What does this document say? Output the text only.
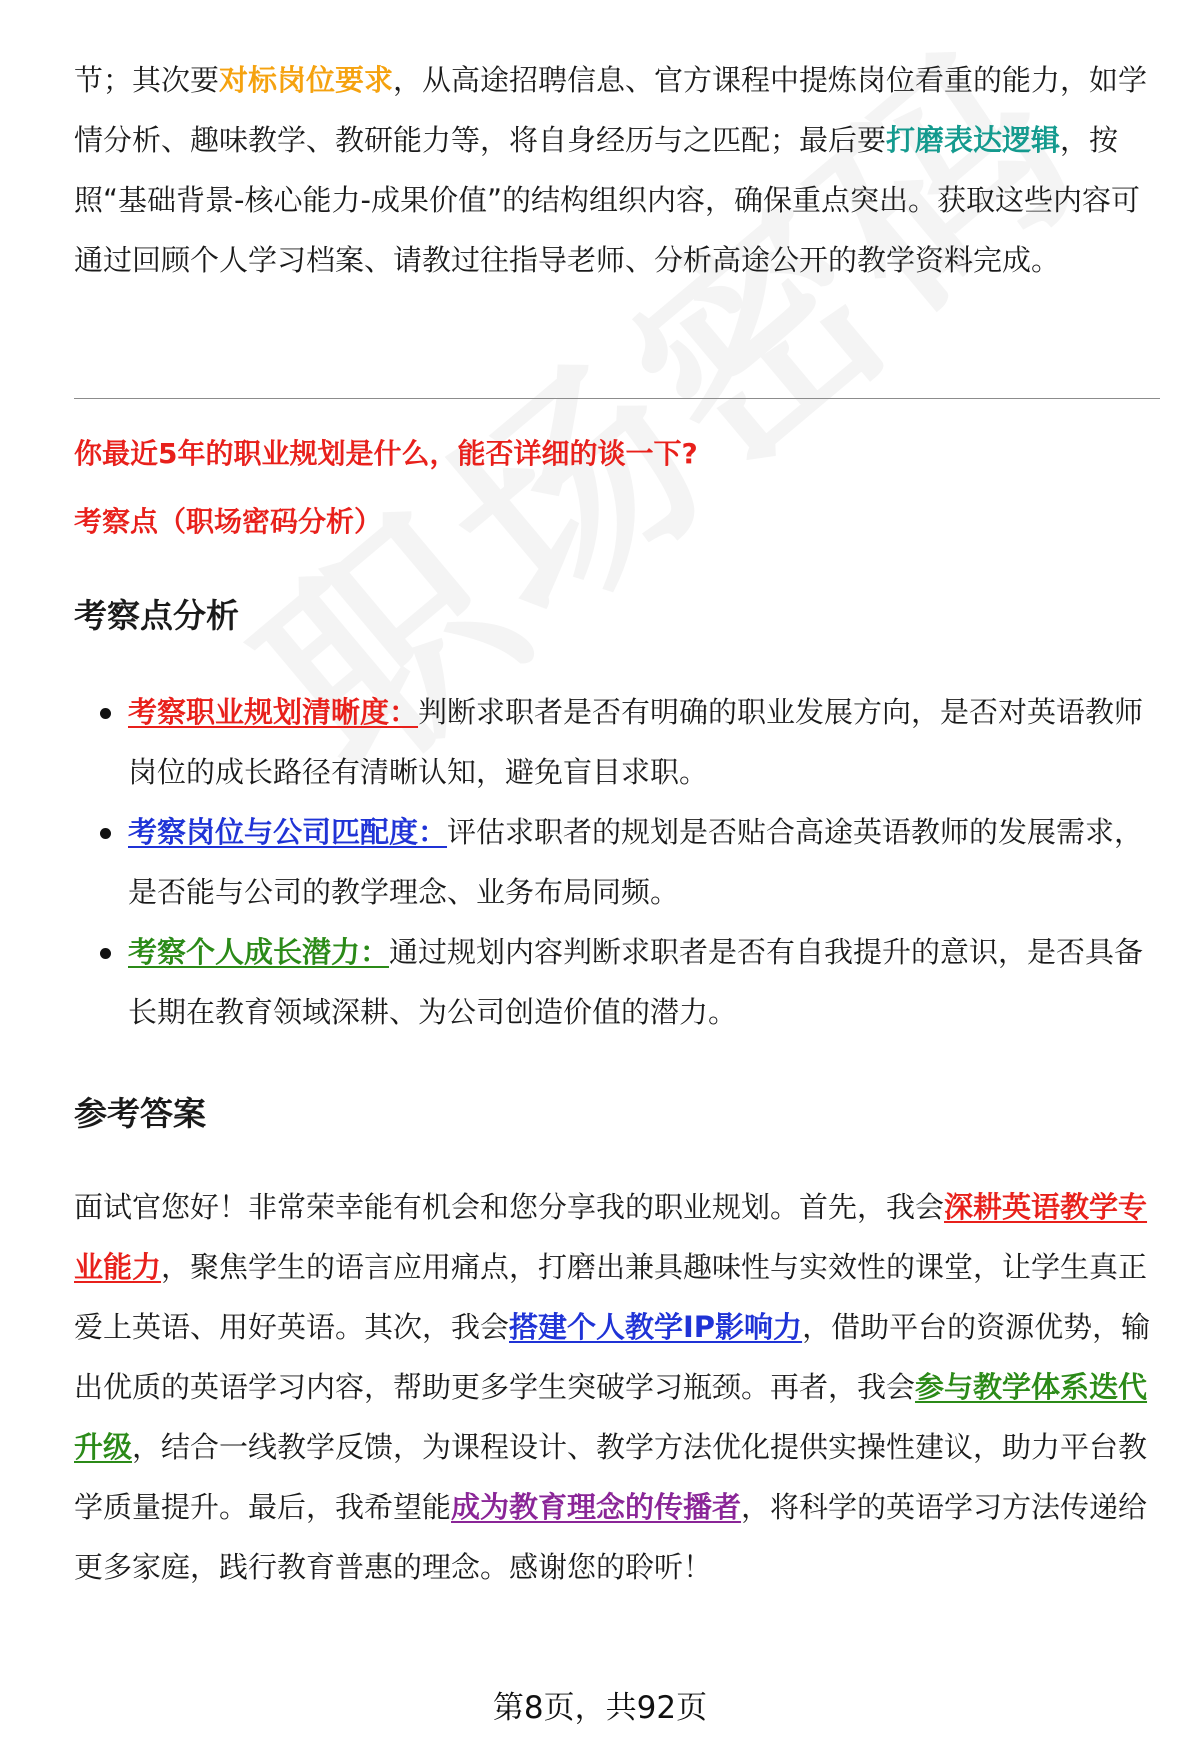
节；其次要对标岗位要求，从高途招聘信息、官方课程中提炼岗位看重的能力，如学情分析、趣味教学、教研能力等，将自身经历与之匹配；最后要打磨表达逻辑，按照“基础背景-核心能力-成果价值”的结构组织内容，确保重点突出。获取这些内容可通过回顾个人学习档案、请教过往指导老师、分析高途公开的教学资料完成。

你最近5年的职业规划是什么，能否详细的谈一下?
考察点（职场密码分析）
考察点分析
考察职业规划清晰度：判断求职者是否有明确的职业发展方向，是否对英语教师岗位的成长路径有清晰认知，避免盲目求职。
考察岗位与公司匹配度：评估求职者的规划是否贴合高途英语教师的发展需求，是否能与公司的教学理念、业务布局同频。
考察个人成长潜力：通过规划内容判断求职者是否有自我提升的意识，是否具备长期在教育领域深耕、为公司创造价值的潜力。
参考答案

面试官您好！非常荣幸能有机会和您分享我的职业规划。首先，我会深耕英语教学专业能力，聚焦学生的语言应用痛点，打磨出兼具趣味性与实效性的课堂，让学生真正爱上英语、用好英语。其次，我会搭建个人教学IP影响力，借助平台的资源优势，输出优质的英语学习内容，帮助更多学生突破学习瓶颈。再者，我会参与教学体系迭代升级，结合一线教学反馈，为课程设计、教学方法优化提供实操性建议，助力平台教学质量提升。最后，我希望能成为教育理念的传播者，将科学的英语学习方法传递给更多家庭，践行教育普惠的理念。感谢您的聆听！

第8页，共92页
